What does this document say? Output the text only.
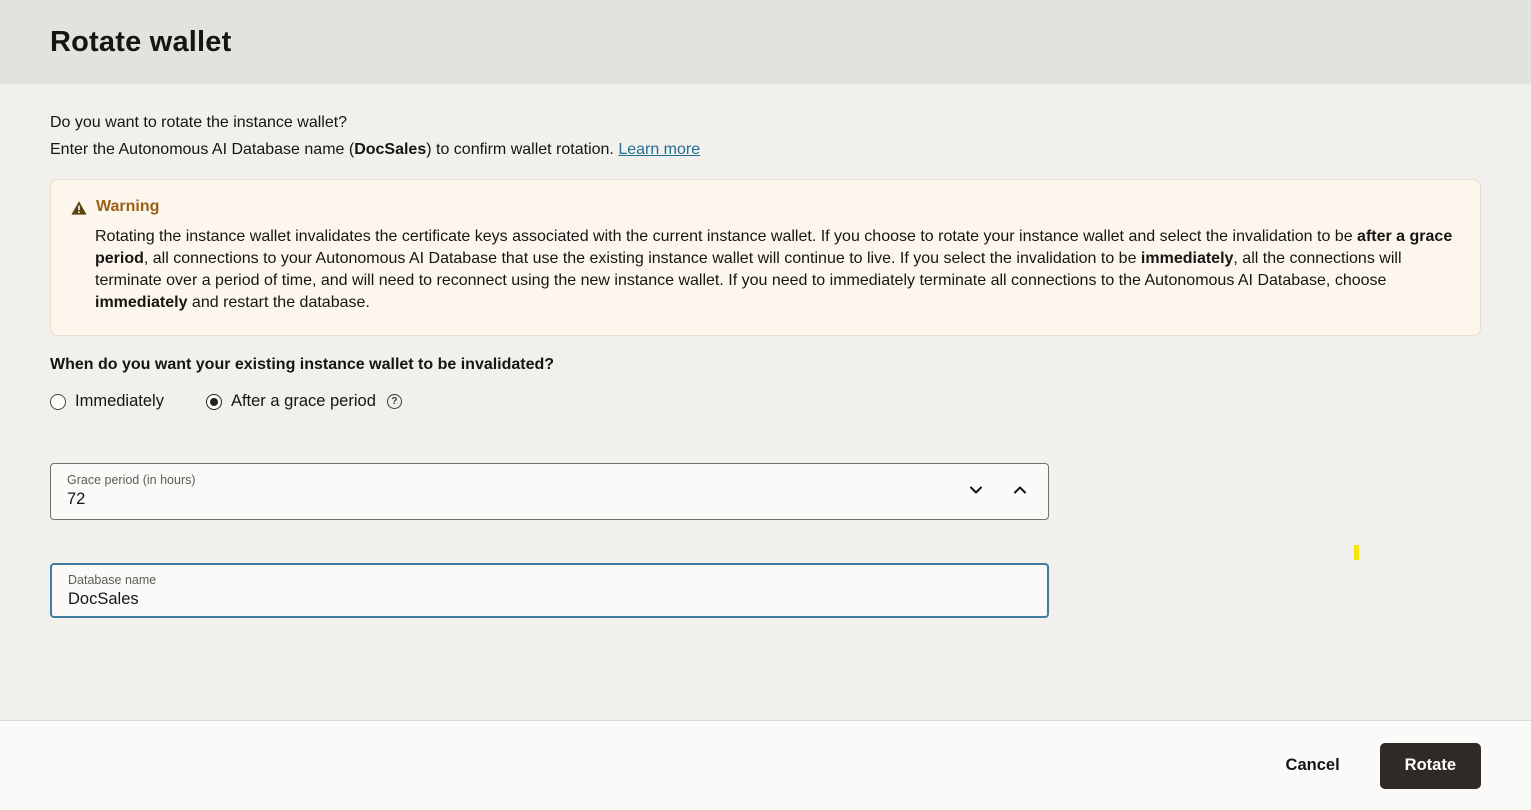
Rotate wallet
Do you want to rotate the instance wallet?
Enter the Autonomous AI Database name (DocSales) to confirm wallet rotation. Learn more
Warning
Rotating the instance wallet invalidates the certificate keys associated with the current instance wallet. If you choose to rotate your instance wallet and select the invalidation to be after a grace period, all connections to your Autonomous AI Database that use the existing instance wallet will continue to live. If you select the invalidation to be immediately, all the connections will terminate over a period of time, and will need to reconnect using the new instance wallet. If you need to immediately terminate all connections to the Autonomous AI Database, choose immediately and restart the database.
When do you want your existing instance wallet to be invalidated?
Immediately	After a grace period	?
Grace period (in hours)
72
Database name
DocSales
Cancel	Rotate
